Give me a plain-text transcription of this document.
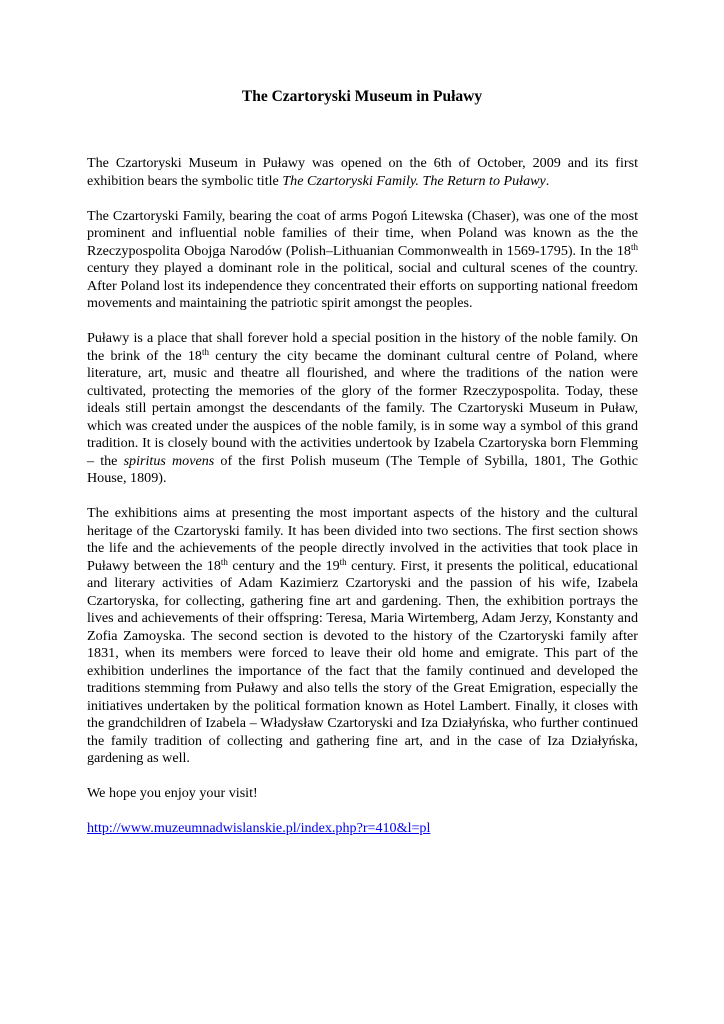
The Czartoryski Museum in Puławy

The Czartoryski Museum in Puławy was opened on the 6th of October, 2009 and its first exhibition bears the symbolic title The Czartoryski Family. The Return to Puławy.

The Czartoryski Family, bearing the coat of arms Pogoń Litewska (Chaser), was one of the most prominent and influential noble families of their time, when Poland was known as the the Rzeczypospolita Obojga Narodów (Polish–Lithuanian Commonwealth in 1569-1795). In the 18th century they played a dominant role in the political, social and cultural scenes of the country. After Poland lost its independence they concentrated their efforts on supporting national freedom movements and maintaining the patriotic spirit amongst the peoples.

Puławy is a place that shall forever hold a special position in the history of the noble family. On the brink of the 18th century the city became the dominant cultural centre of Poland, where literature, art, music and theatre all flourished, and where the traditions of the nation were cultivated, protecting the memories of the glory of the former Rzeczypospolita. Today, these ideals still pertain amongst the descendants of the family. The Czartoryski Museum in Puław, which was created under the auspices of the noble family, is in some way a symbol of this grand tradition. It is closely bound with the activities undertook by Izabela Czartoryska born Flemming – the spiritus movens of the first Polish museum (The Temple of Sybilla, 1801, The Gothic House, 1809).

The exhibitions aims at presenting the most important aspects of the history and the cultural heritage of the Czartoryski family. It has been divided into two sections. The first section shows the life and the achievements of the people directly involved in the activities that took place in Puławy between the 18th century and the 19th century. First, it presents the political, educational and literary activities of Adam Kazimierz Czartoryski and the passion of his wife, Izabela Czartoryska, for collecting, gathering fine art and gardening. Then, the exhibition portrays the lives and achievements of their offspring: Teresa, Maria Wirtemberg, Adam Jerzy, Konstanty and Zofia Zamoyska. The second section is devoted to the history of the Czartoryski family after 1831, when its members were forced to leave their old home and emigrate. This part of the exhibition underlines the importance of the fact that the family continued and developed the traditions stemming from Puławy and also tells the story of the Great Emigration, especially the initiatives undertaken by the political formation known as Hotel Lambert. Finally, it closes with the grandchildren of Izabela – Władysław Czartoryski and Iza Działyńska, who further continued the family tradition of collecting and gathering fine art, and in the case of Iza Działyńska, gardening as well.

We hope you enjoy your visit!

http://www.muzeumnadwislanskie.pl/index.php?r=410&l=pl
